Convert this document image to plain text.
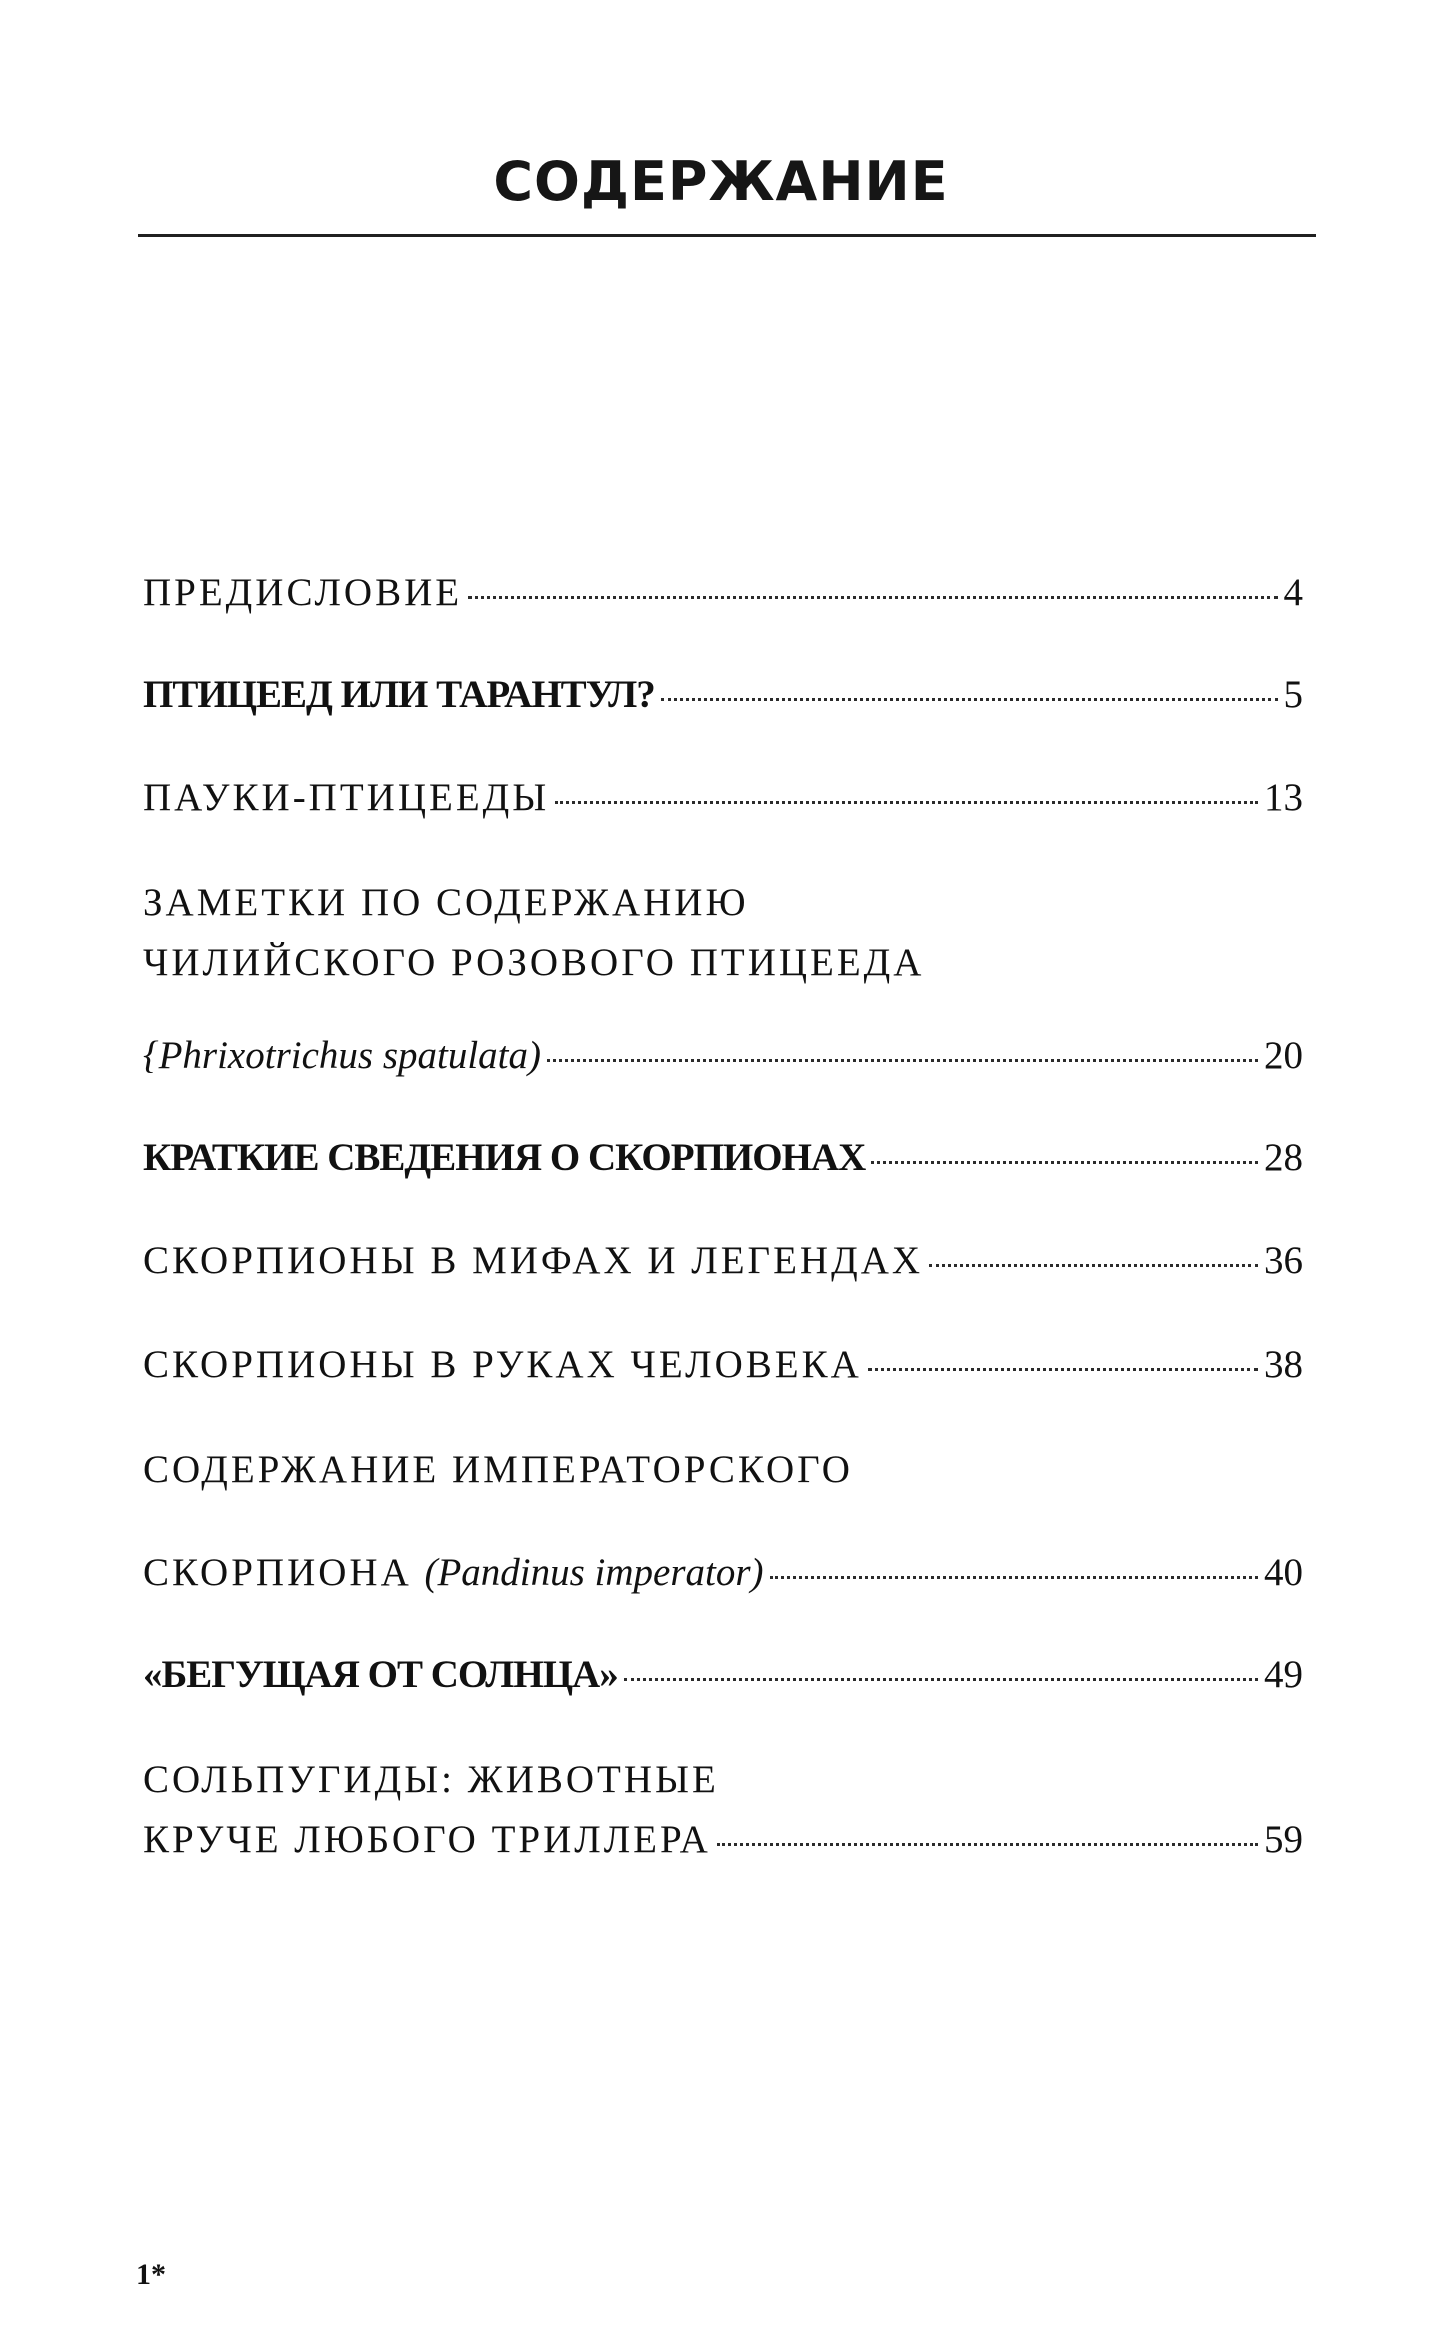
СОДЕРЖАНИЕ
ПРЕДИСЛОВИЕ	4
ПТИЦЕЕД ИЛИ ТАРАНТУЛ?	5
ПАУКИ-ПТИЦЕЕДЫ	13
ЗАМЕТКИ ПО СОДЕРЖАНИЮ
ЧИЛИЙСКОГО РОЗОВОГО ПТИЦЕЕДА
{Phrixotrichus spatulata)	20
КРАТКИЕ СВЕДЕНИЯ О СКОРПИОНАХ	28
СКОРПИОНЫ В МИФАХ И ЛЕГЕНДАХ	36
СКОРПИОНЫ В РУКАХ ЧЕЛОВЕКА	38
СОДЕРЖАНИЕ ИМПЕРАТОРСКОГО
СКОРПИОНА (Pandinus imperator)	40
«БЕГУЩАЯ ОТ СОЛНЦА»	49
СОЛЬПУГИДЫ: ЖИВОТНЫЕ
КРУЧЕ ЛЮБОГО ТРИЛЛЕРА	59
1*
